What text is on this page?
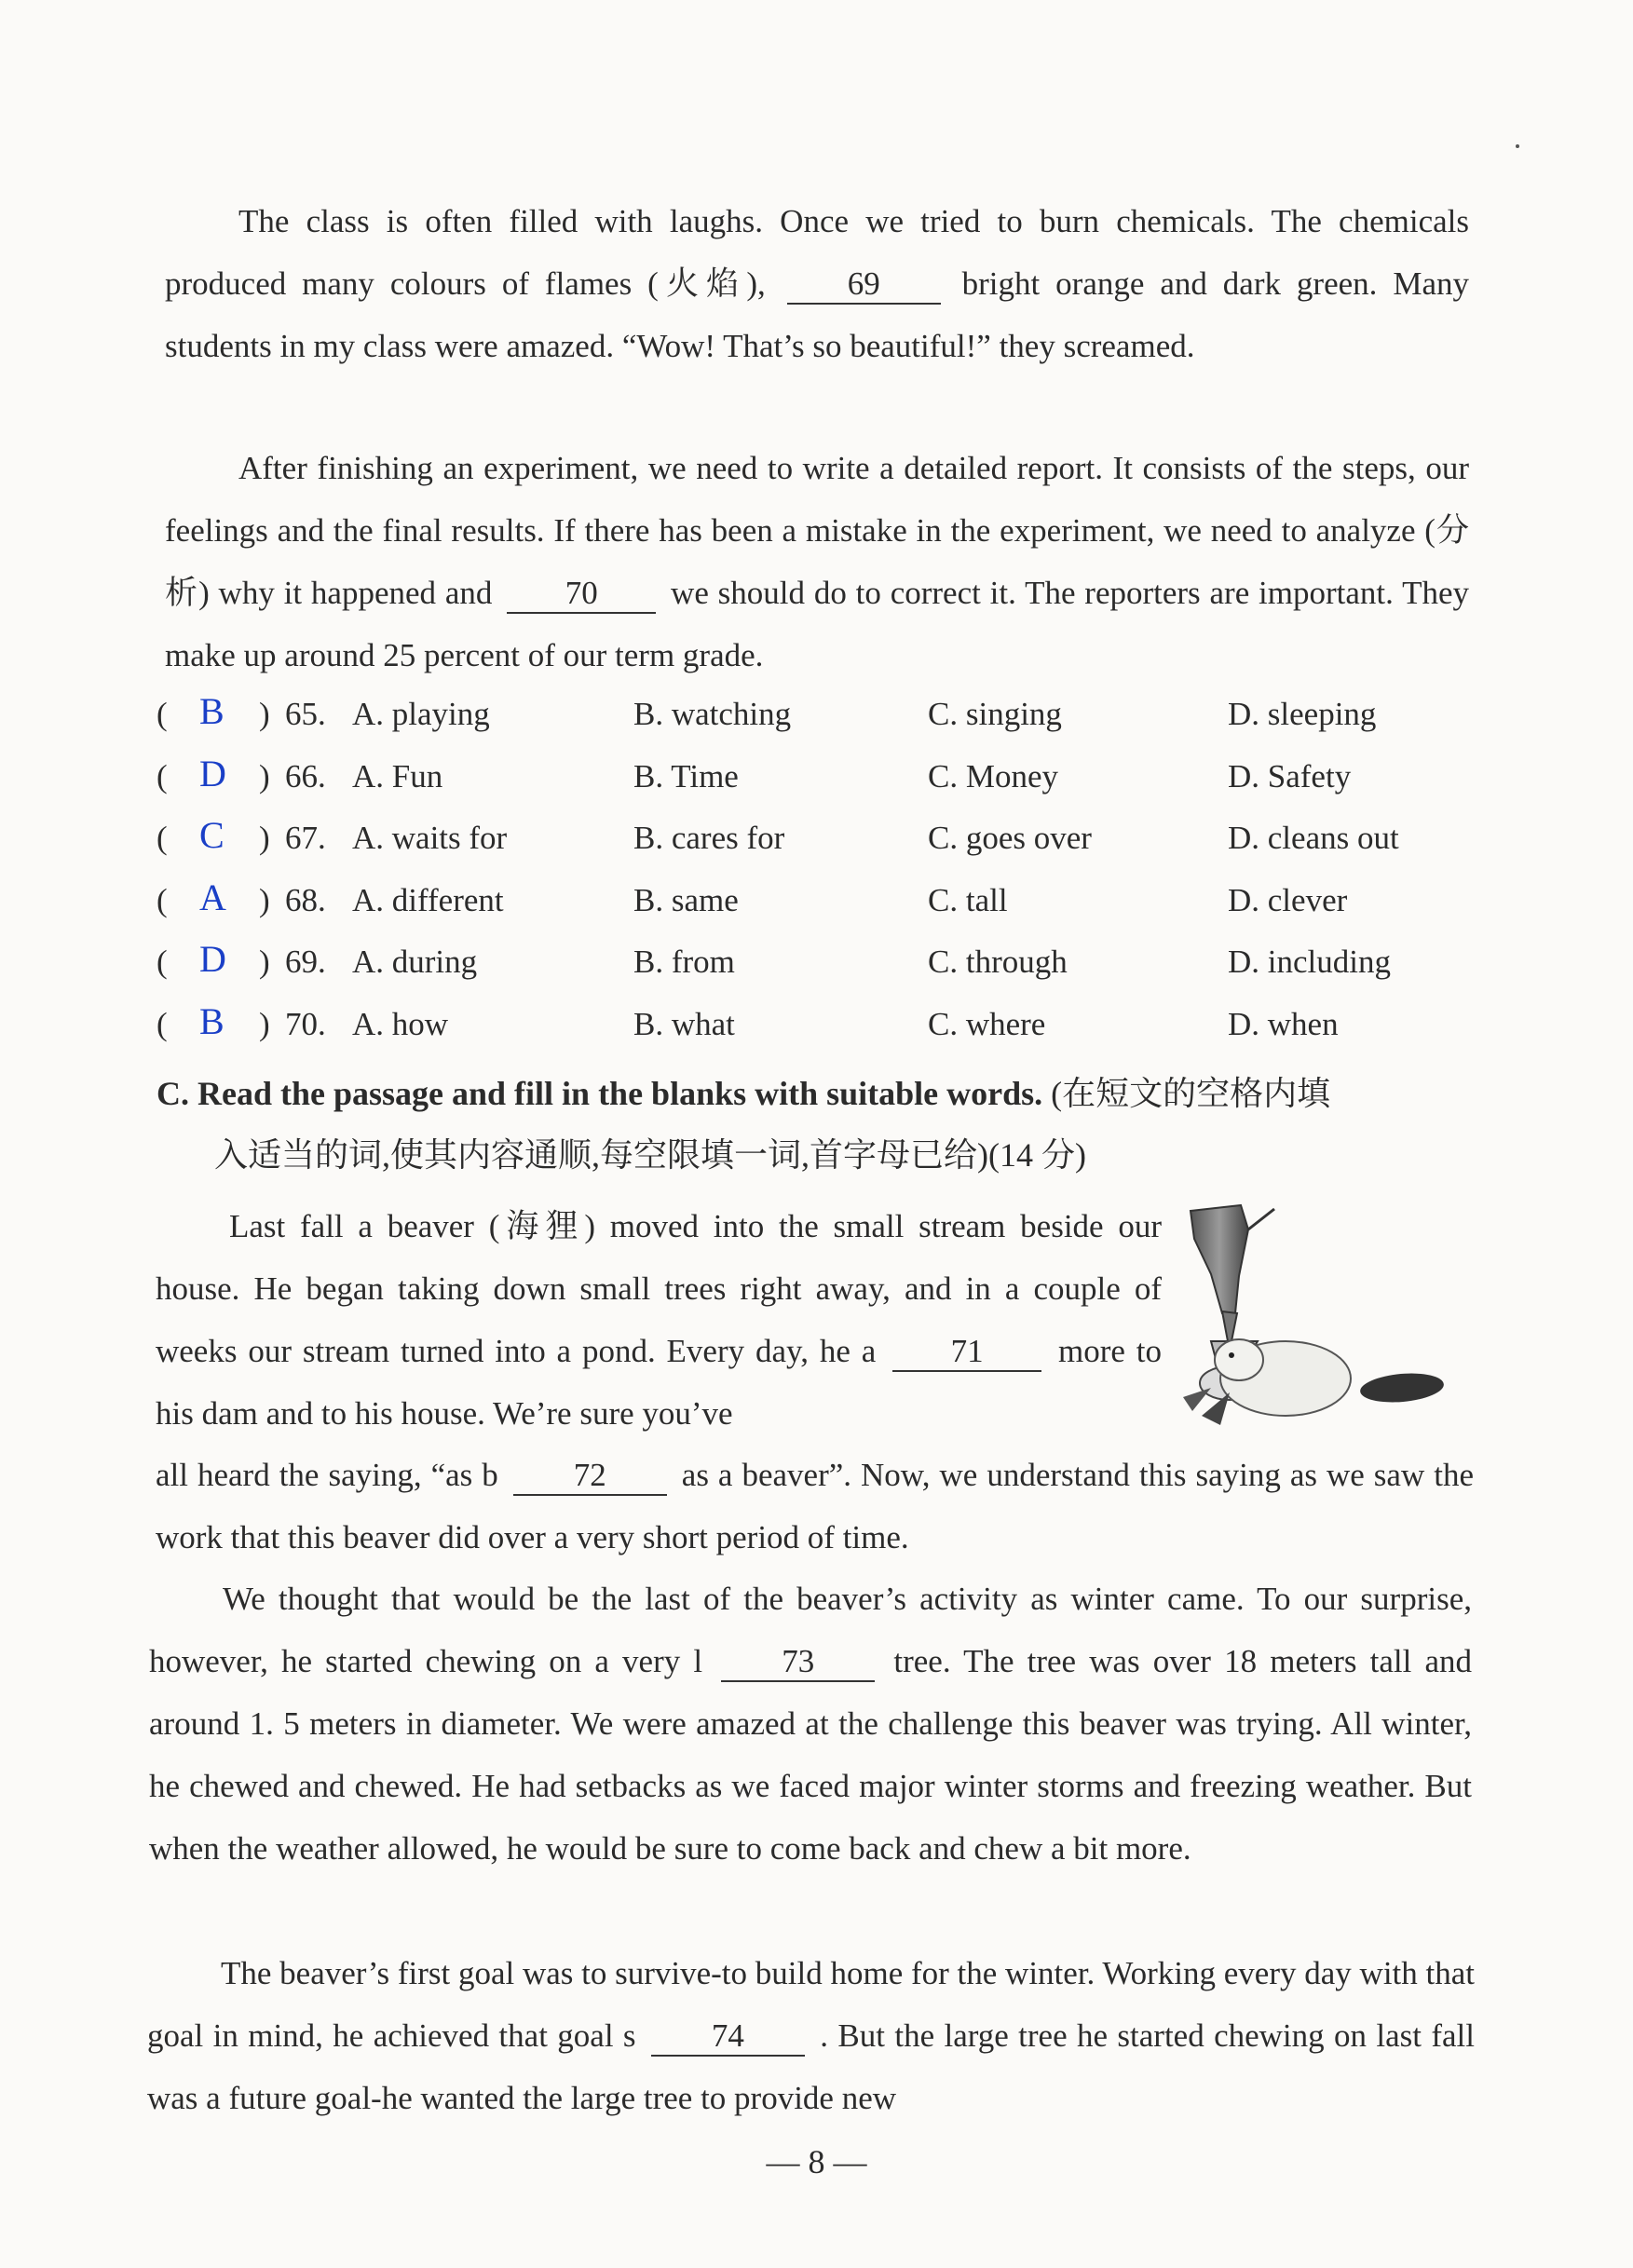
The class is often filled with laughs. Once we tried to burn chemicals. The chemicals produced many colours of flames (火焰),	69	bright orange and dark green. Many students in my class were amazed. “Wow! That’s so beautiful!” they screamed.

After finishing an experiment, we need to write a detailed report. It consists of the steps, our feelings and the final results. If there has been a mistake in the experiment, we need to analyze (分析) why it happened and 70 we should do to correct it. The reporters are important. They make up around 25 percent of our term grade.

( B ) 65. A. playing	B. watching	C. singing	D. sleeping
( D ) 66. A. Fun	B. Time	C. Money	D. Safety
( C ) 67. A. waits for	B. cares for	C. goes over	D. cleans out
( A ) 68. A. different	B. same	C. tall	D. clever
( D ) 69. A. during	B. from	C. through	D. including
( B ) 70. A. how	B. what	C. where	D. when
C. Read the passage and fill in the blanks with suitable words. (在短文的空格内填
入适当的词,使其内容通顺,每空限填一词,首字母已给)(14 分)

Last fall a beaver (海狸) moved into the small stream beside our house. He began taking down small trees right away, and in a couple of weeks our stream turned into a pond. Every day, he a 71 more to his dam and to his house. We’re sure you’ve

all heard the saying, “as b 72 as a beaver”. Now, we understand this saying as we saw the work that this beaver did over a very short period of time.

We thought that would be the last of the beaver’s activity as winter came. To our surprise, however, he started chewing on a very l 73 tree. The tree was over 18 meters tall and around 1. 5 meters in diameter. We were amazed at the challenge this beaver was trying. All winter, he chewed and chewed. He had setbacks as we faced major winter storms and freezing weather. But when the weather allowed, he would be sure to come back and chew a bit more.

The beaver’s first goal was to survive-to build home for the winter. Working every day with that goal in mind, he achieved that goal s 74 . But the large tree he started chewing on last fall was a future goal-he wanted the large tree to provide new

— 8 —
